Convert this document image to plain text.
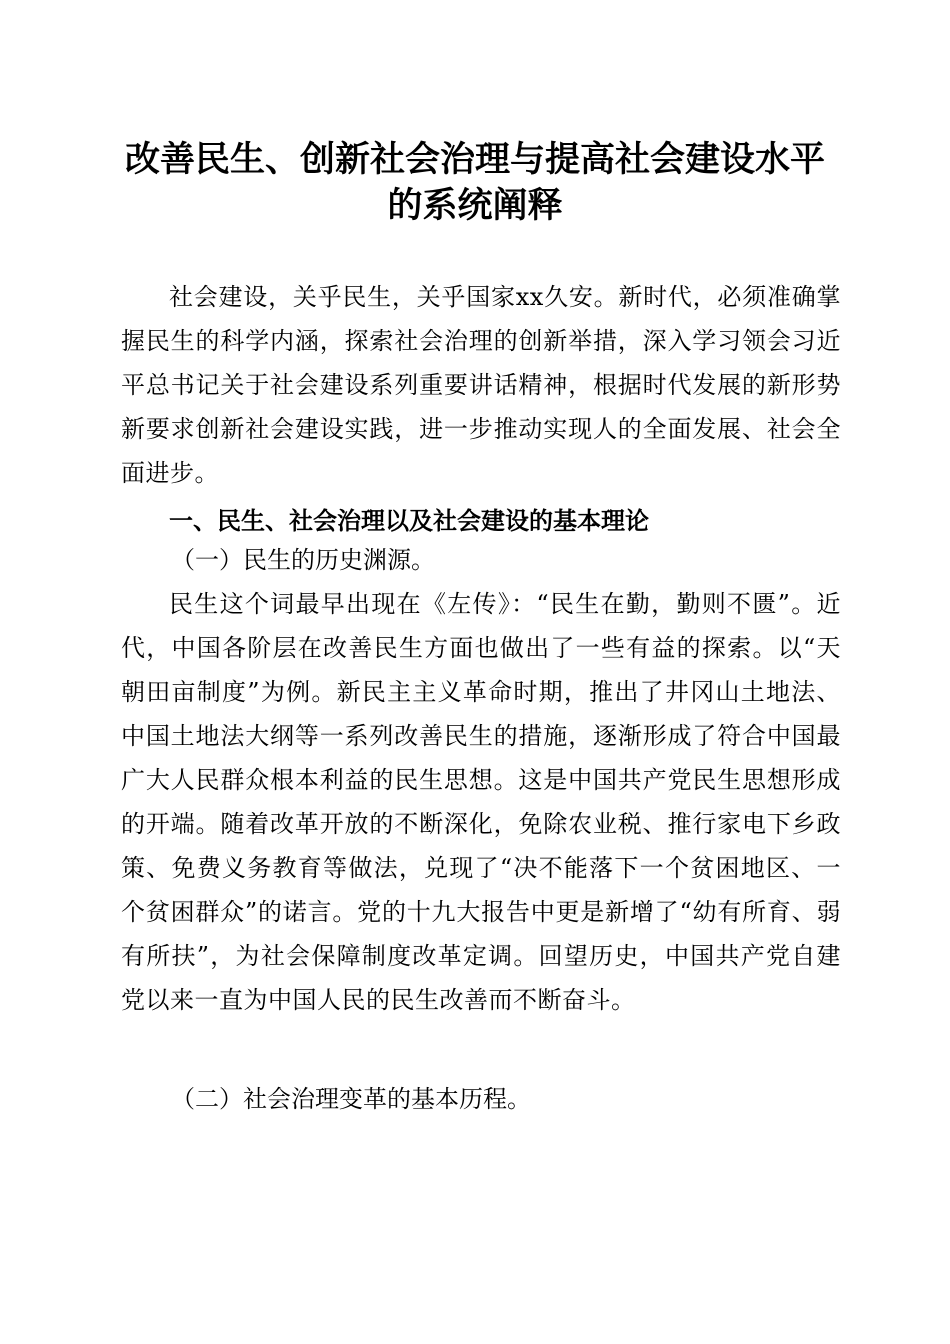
改善民生、创新社会治理与提高社会建设水平
的系统阐释

社会建设，关乎民生，关乎国家xx久安。新时代，必须准确掌握民生的科学内涵，探索社会治理的创新举措，深入学习领会习近平总书记关于社会建设系列重要讲话精神，根据时代发展的新形势新要求创新社会建设实践，进一步推动实现人的全面发展、社会全面进步。

一、民生、社会治理以及社会建设的基本理论
（一）民生的历史渊源。

民生这个词最早出现在《左传》：“民生在勤，勤则不匮”。近代，中国各阶层在改善民生方面也做出了一些有益的探索。以“天朝田亩制度”为例。新民主主义革命时期，推出了井冈山土地法、中国土地法大纲等一系列改善民生的措施，逐渐形成了符合中国最广大人民群众根本利益的民生思想。这是中国共产党民生思想形成的开端。随着改革开放的不断深化，免除农业税、推行家电下乡政策、免费义务教育等做法，兑现了“决不能落下一个贫困地区、一个贫困群众”的诺言。党的十九大报告中更是新增了“幼有所育、弱有所扶”，为社会保障制度改革定调。回望历史，中国共产党自建党以来一直为中国人民的民生改善而不断奋斗。

（二）社会治理变革的基本历程。
